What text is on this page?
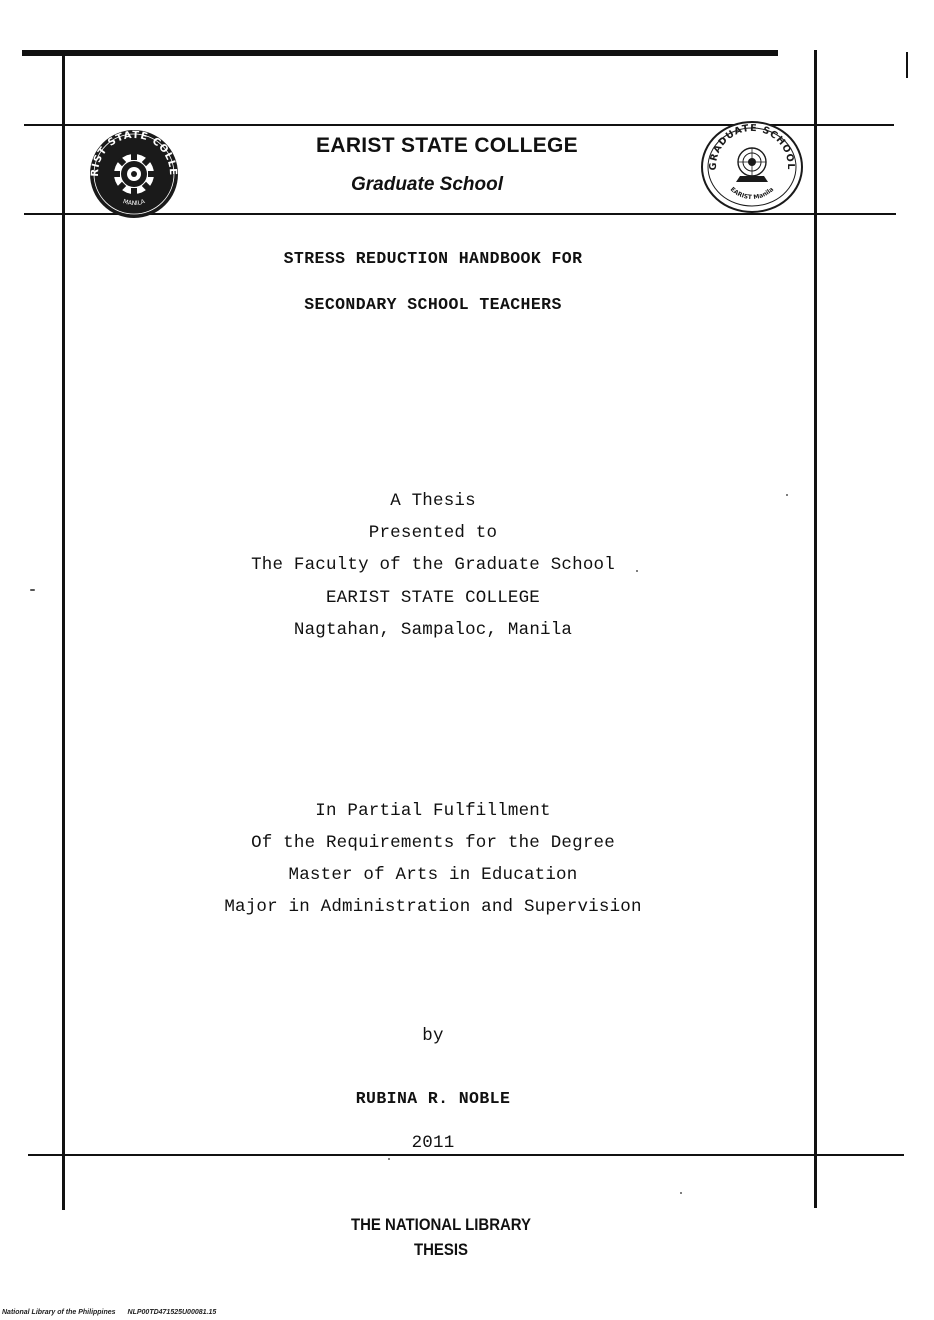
RIST STATE COLLE
MANILA
EARIST STATE COLLEGE
Graduate School
GRADUATE SCHOOL
EARIST Manila
STRESS REDUCTION HANDBOOK FOR
SECONDARY SCHOOL TEACHERS
A Thesis
Presented to
The Faculty of the Graduate School
EARIST STATE COLLEGE
Nagtahan, Sampaloc, Manila
In Partial Fulfillment
Of the Requirements for the Degree
Master of Arts in Education
Major in Administration and Supervision
by
RUBINA R. NOBLE
2011
THE NATIONAL LIBRARY
THESIS
National Library of the Philippines NLP00TD471525U00081.15
